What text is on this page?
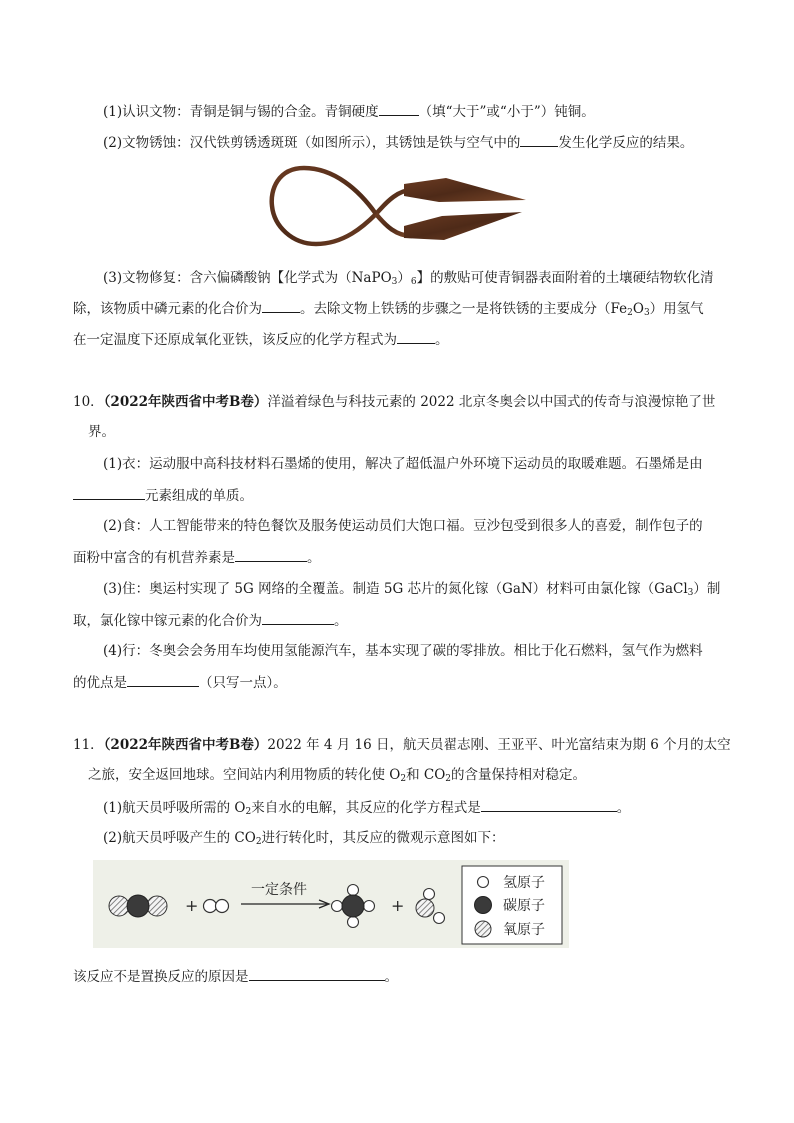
(1)认识文物：青铜是铜与锡的合金。青铜硬度	（填“大于”或“小于”）钝铜。
(2)文物锈蚀：汉代铁剪锈透斑斑（如图所示），其锈蚀是铁与空气中的	发生化学反应的结果。
(3)文物修复：含六偏磷酸钠【化学式为$(NaPO_3)_6$】的敷贴可使青铜器表面附着的土壤硬结物软化清
除，该物质中磷元素的化合价为	。去除文物上铁锈的步骤之一是将铁锈的主要成分$(Fe_2O_3)$用氢气
在一定温度下还原成氧化亚铁，该反应的化学方程式为	。
10．（2022年陕西省中考B卷）洋溢着绿色与科技元素的 2022 北京冬奥会以中国式的传奇与浪漫惊艳了世
界。
(1)衣：运动服中高科技材料石墨烯的使用，解决了超低温户外环境下运动员的取暖难题。石墨烯是由
元素组成的单质。
(2)食：人工智能带来的特色餐饮及服务使运动员们大饱口福。豆沙包受到很多人的喜爱，制作包子的
面粉中富含的有机营养素是	。
(3)住：奥运村实现了 5G 网络的全覆盖。制造 5G 芯片的氮化镓（GaN）材料可由氯化镓（GaCl$_3$）制
取，氯化镓中镓元素的化合价为	。
(4)行：冬奥会会务用车均使用氢能源汽车，基本实现了碳的零排放。相比于化石燃料，氢气作为燃料
的优点是	（只写一点）。
11．（2022年陕西省中考B卷）2022 年 4 月 16 日，航天员翟志刚、王亚平、叶光富结束为期 6 个月的太空
之旅，安全返回地球。空间站内利用物质的转化使 $O_2$和 $CO_2$的含量保持相对稳定。
(1)航天员呼吸所需的 $O_2$来自水的电解，其反应的化学方程式是	。
(2)航天员呼吸产生的 $CO_2$进行转化时，其反应的微观示意图如下：
+
一定条件
+
氢原子
碳原子
氧原子
该反应不是置换反应的原因是	。
